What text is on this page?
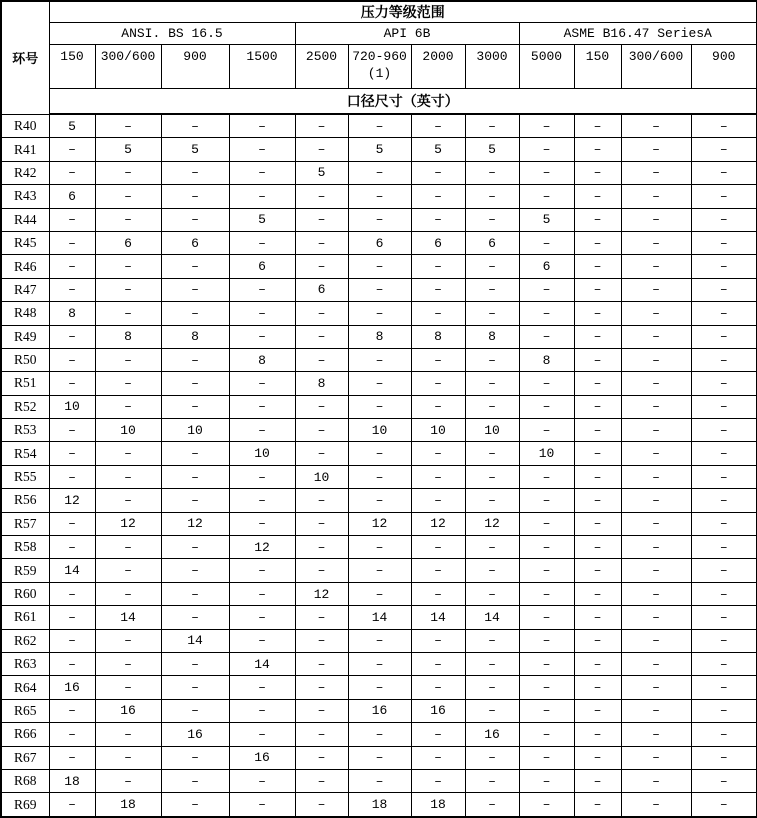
环号	压力等级范围											
	ANSI. BS 16.5				API 6B				ASME B16.47 SeriesA			

	150	300/600	900	1500	2500	720-960
(1)	2000	3000	5000	150	300/600	900

	口径尺寸（英寸）											
R40	5	–	–	–	–	–	–	–	–	–	–	–
R41	–	5	5	–	–	5	5	5	–	–	–	–
R42	–	–	–	–	5	–	–	–	–	–	–	–
R43	6	–	–	–	–	–	–	–	–	–	–	–
R44	–	–	–	5	–	–	–	–	5	–	–	–
R45	–	6	6	–	–	6	6	6	–	–	–	–
R46	–	–	–	6	–	–	–	–	6	–	–	–
R47	–	–	–	–	6	–	–	–	–	–	–	–
R48	8	–	–	–	–	–	–	–	–	–	–	–
R49	–	8	8	–	–	8	8	8	–	–	–	–
R50	–	–	–	8	–	–	–	–	8	–	–	–
R51	–	–	–	–	8	–	–	–	–	–	–	–
R52	10	–	–	–	–	–	–	–	–	–	–	–
R53	–	10	10	–	–	10	10	10	–	–	–	–
R54	–	–	–	10	–	–	–	–	10	–	–	–
R55	–	–	–	–	10	–	–	–	–	–	–	–
R56	12	–	–	–	–	–	–	–	–	–	–	–
R57	–	12	12	–	–	12	12	12	–	–	–	–
R58	–	–	–	12	–	–	–	–	–	–	–	–
R59	14	–	–	–	–	–	–	–	–	–	–	–
R60	–	–	–	–	12	–	–	–	–	–	–	–
R61	–	14	–	–	–	14	14	14	–	–	–	–
R62	–	–	14	–	–	–	–	–	–	–	–	–
R63	–	–	–	14	–	–	–	–	–	–	–	–
R64	16	–	–	–	–	–	–	–	–	–	–	–
R65	–	16	–	–	–	16	16	–	–	–	–	–
R66	–	–	16	–	–	–	–	16	–	–	–	–
R67	–	–	–	16	–	–	–	–	–	–	–	–
R68	18	–	–	–	–	–	–	–	–	–	–	–
R69	–	18	–	–	–	18	18	–	–	–	–	–
